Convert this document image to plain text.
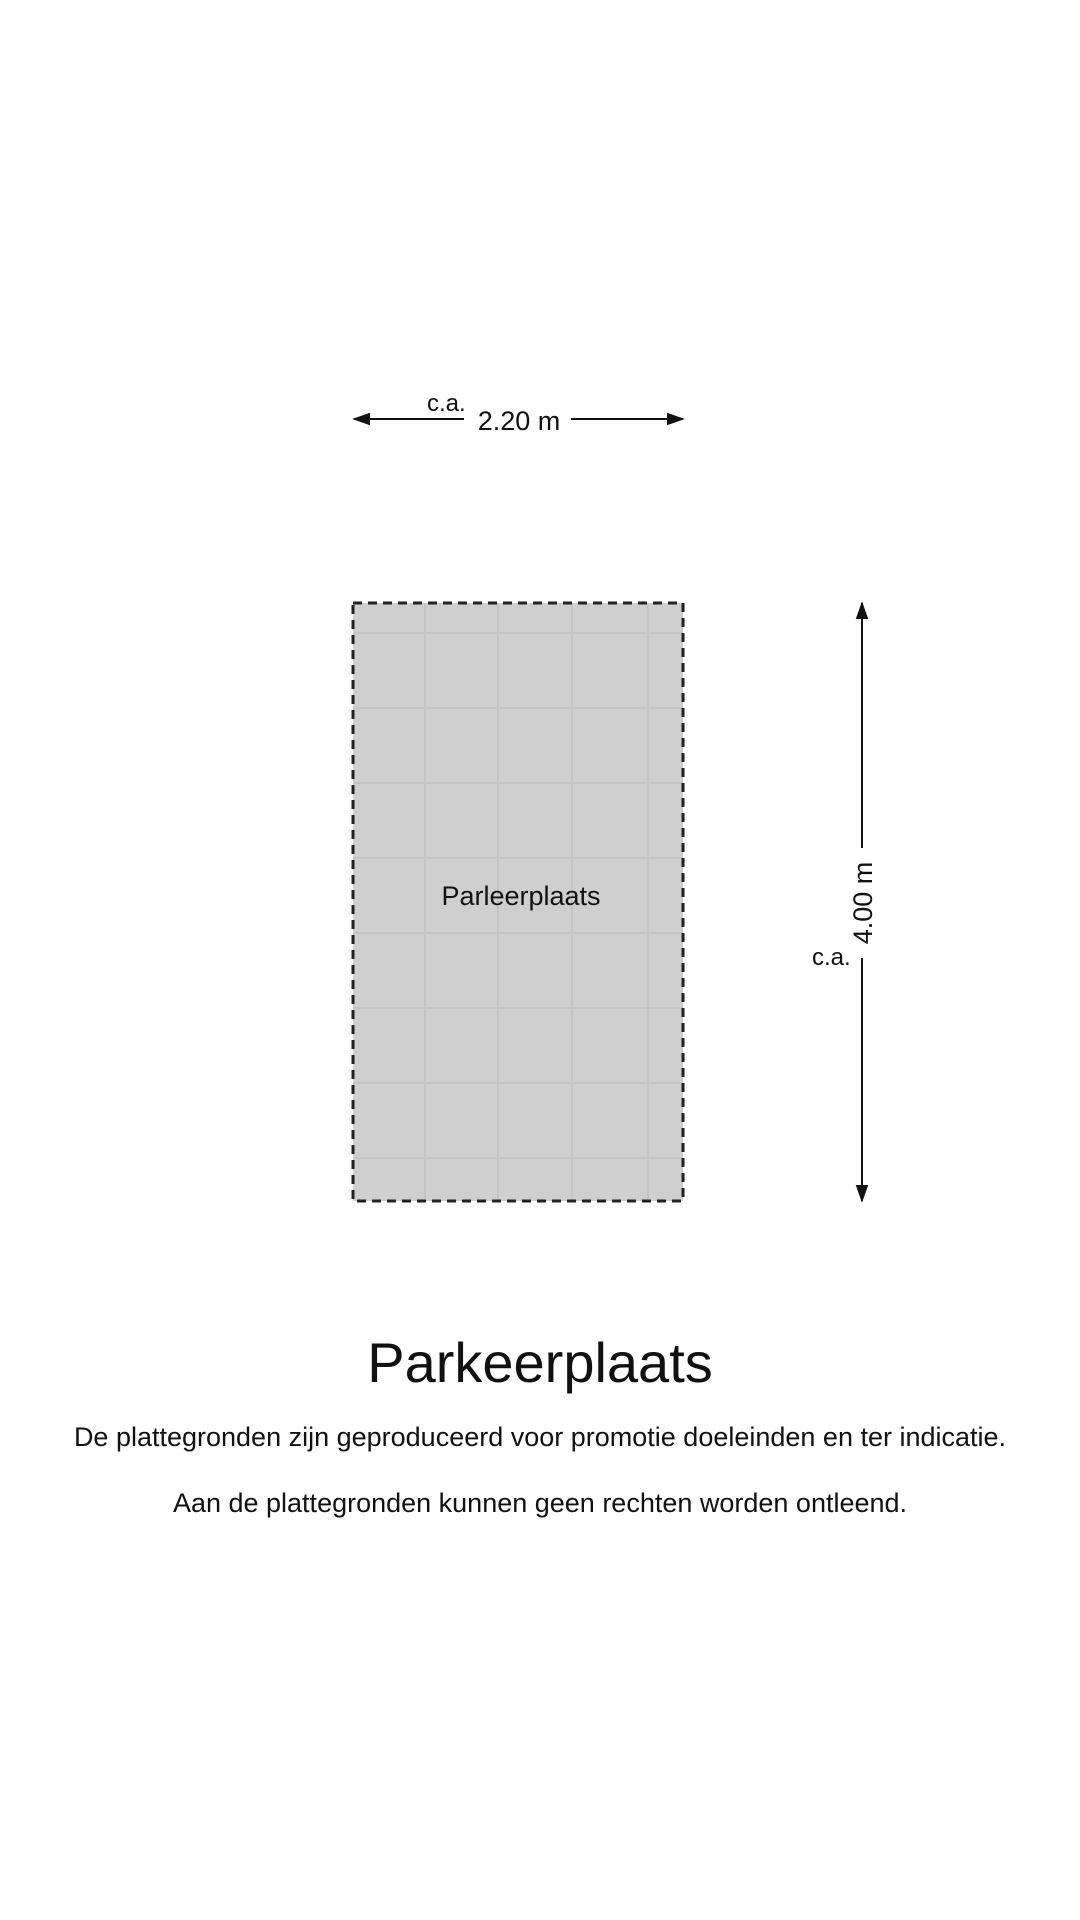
Parleerplaats
c.a.
2.20 m
4.00 m
c.a.
Parkeerplaats
De plattegronden zijn geproduceerd voor promotie doeleinden en ter indicatie.
Aan de plattegronden kunnen geen rechten worden ontleend.
